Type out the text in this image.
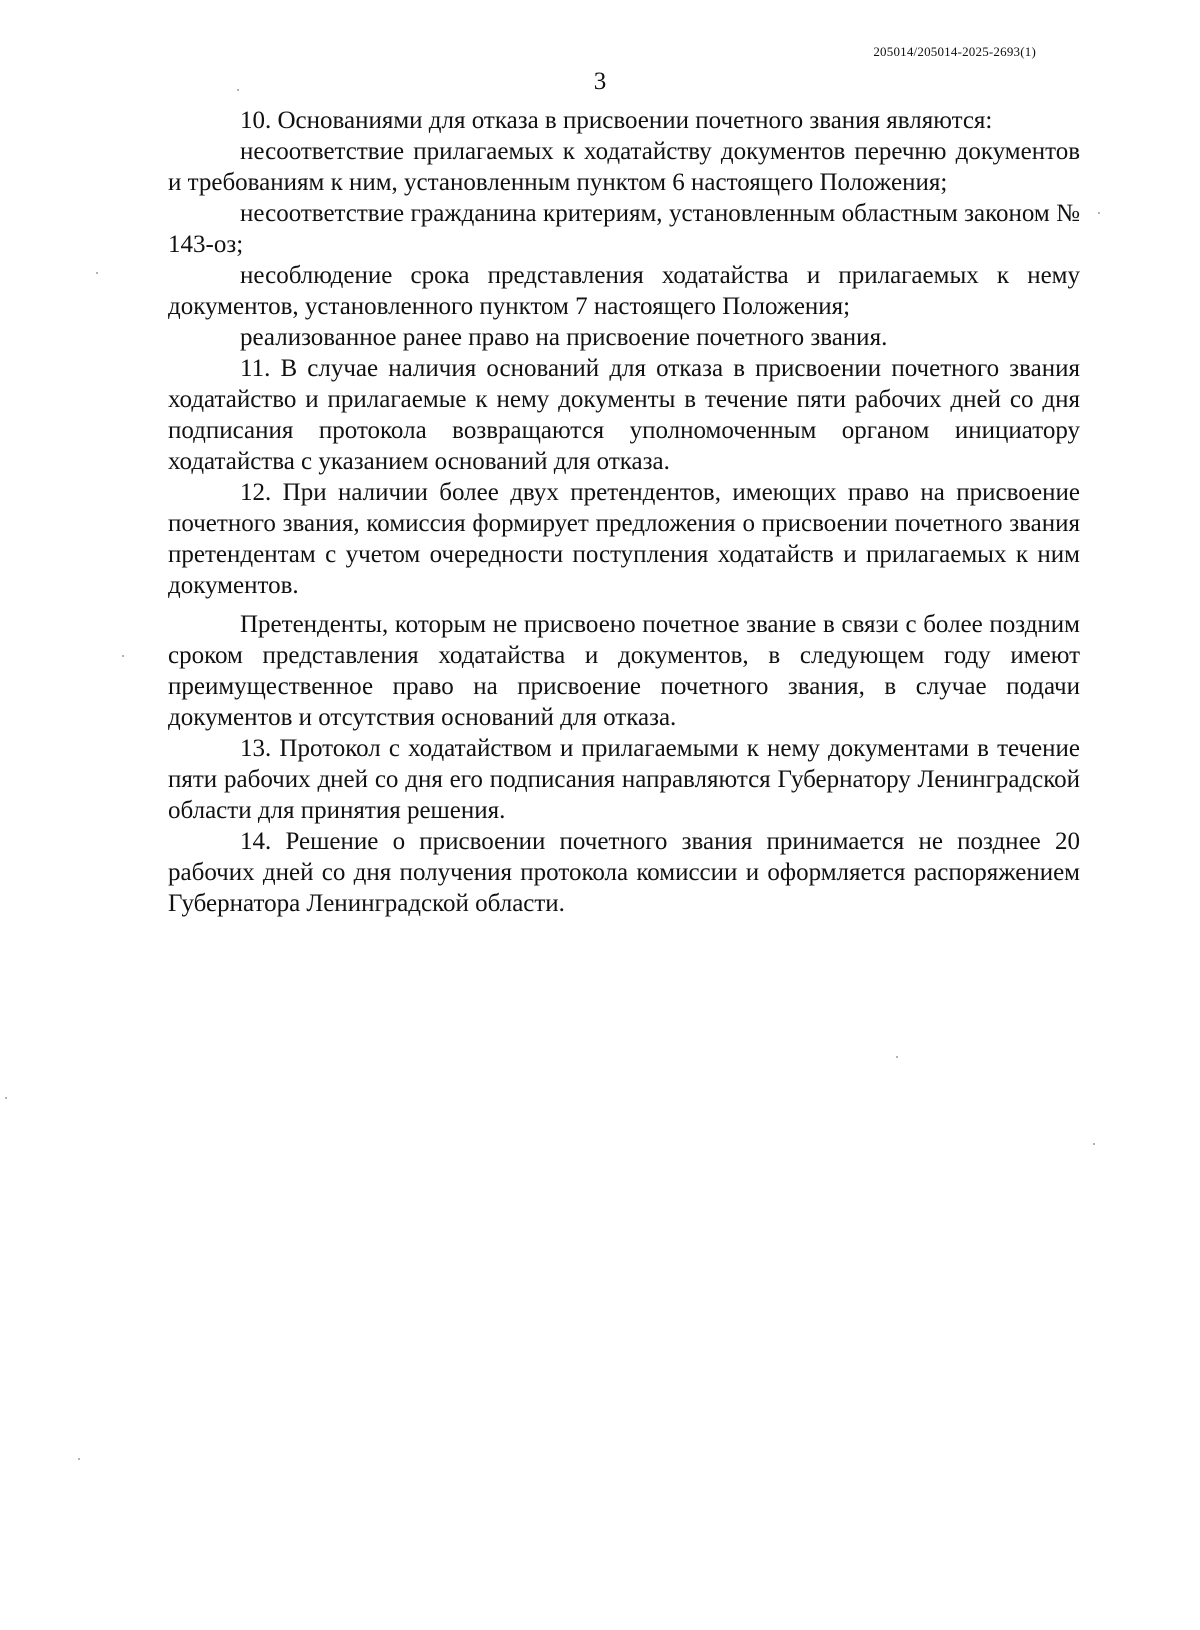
205014/205014-2025-2693(1)
3

10. Основаниями для отказа в присвоении почетного звания являются:

несоответствие прилагаемых к ходатайству документов перечню документов и требованиям к ним, установленным пунктом 6 настоящего Положения;

несоответствие гражданина критериям, установленным областным законом № 143-оз;

несоблюдение срока представления ходатайства и прилагаемых к нему документов, установленного пунктом 7 настоящего Положения;

реализованное ранее право на присвоение почетного звания.

11. В случае наличия оснований для отказа в присвоении почетного звания ходатайство и прилагаемые к нему документы в течение пяти рабочих дней со дня подписания протокола возвращаются уполномоченным органом инициатору ходатайства с указанием оснований для отказа.

12. При наличии более двух претендентов, имеющих право на присвоение почетного звания, комиссия формирует предложения о присвоении почетного звания претендентам с учетом очередности поступления ходатайств и прилагаемых к ним документов.

Претенденты, которым не присвоено почетное звание в связи с более поздним сроком представления ходатайства и документов, в следующем году имеют преимущественное право на присвоение почетного звания, в случае подачи документов и отсутствия оснований для отказа.

13. Протокол с ходатайством и прилагаемыми к нему документами в течение пяти рабочих дней со дня его подписания направляются Губернатору Ленинградской области для принятия решения.

14. Решение о присвоении почетного звания принимается не позднее 20 рабочих дней со дня получения протокола комиссии и оформляется распоряжением Губернатора Ленинградской области.
